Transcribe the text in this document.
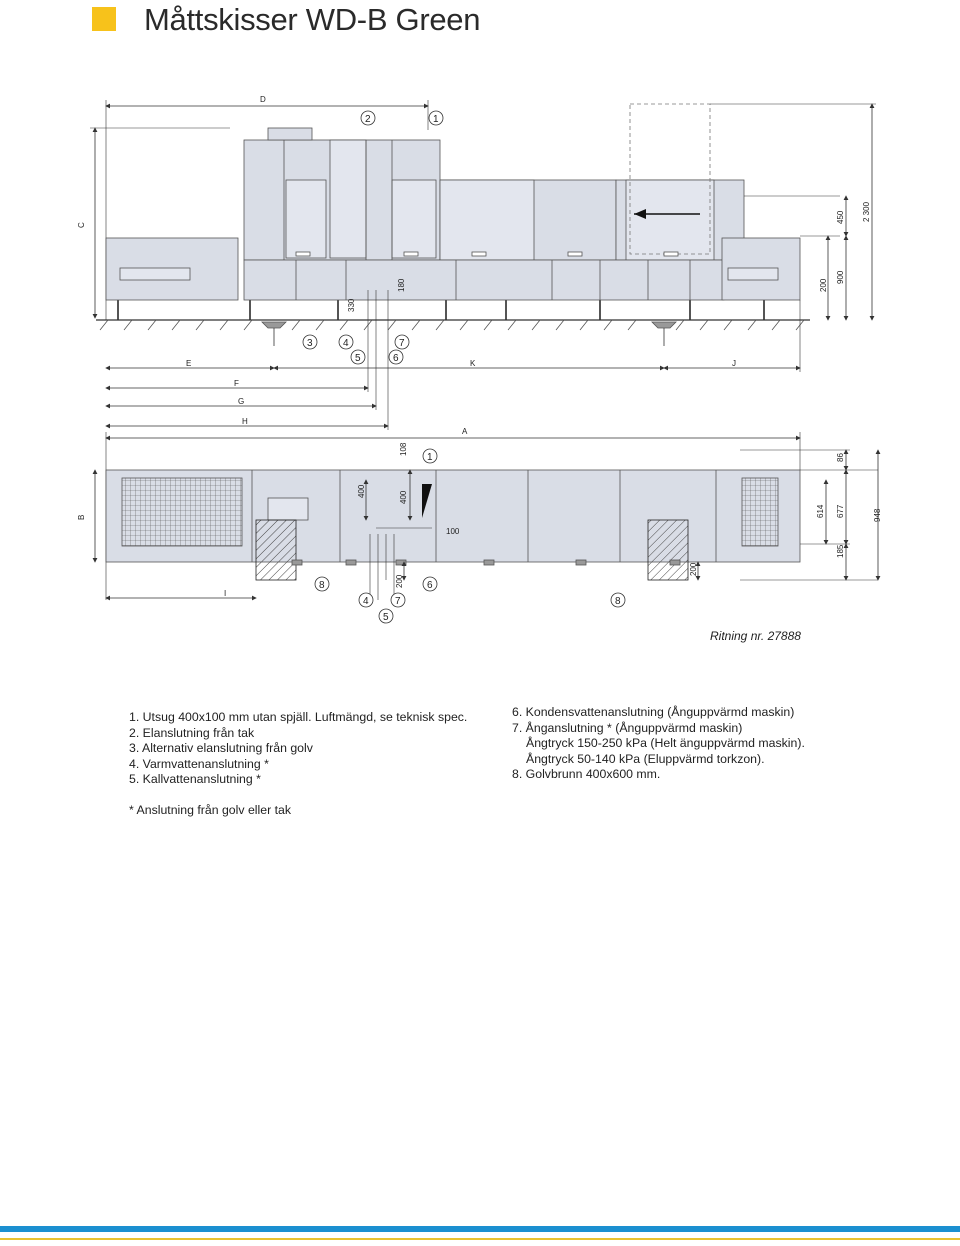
Måttskisser WD-B Green
D
C
E	K	J
F
G
H
330
180	200
900
450 2 300
2	1
3	4
5
7
6
A
B
I
108
400	400
100
200
200
86
614 677	948
185
1
8
4
5
7
6
8
Ritning nr. 27888
1. Utsug 400x100 mm utan spjäll. Luftmängd, se teknisk spec.
2. Elanslutning från tak
3. Alternativ elanslutning från golv
4. Varmvattenanslutning *
5. Kallvattenanslutning *
6. Kondensvattenanslutning (Ånguppvärmd maskin)
7. Ånganslutning * (Ånguppvärmd maskin)
Ångtryck 150-250 kPa (Helt änguppvärmd maskin).
Ångtryck 50-140 kPa (Eluppvärmd torkzon).
8. Golvbrunn 400x600 mm.
* Anslutning från golv eller tak
